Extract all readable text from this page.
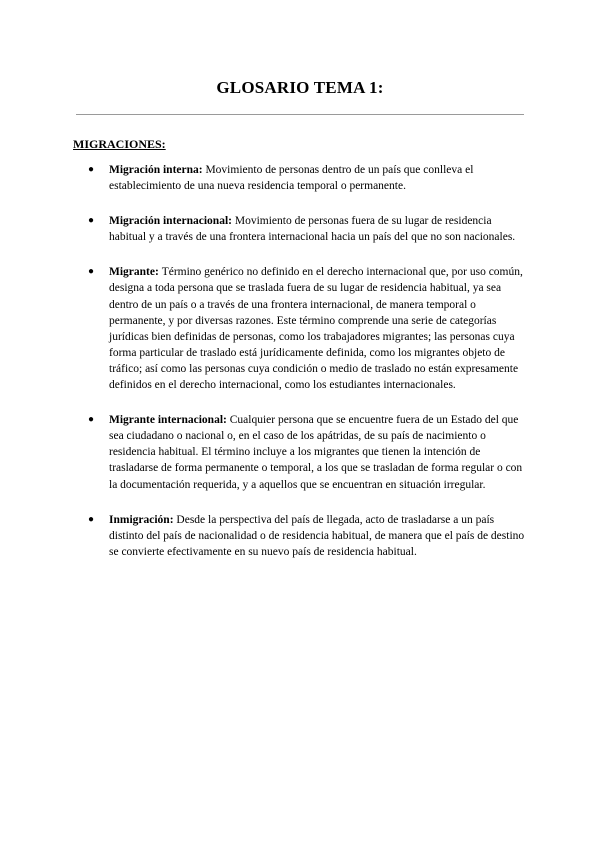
GLOSARIO TEMA 1:
MIGRACIONES:
● Migración interna: Movimiento de personas dentro de un país que conlleva el establecimiento de una nueva residencia temporal o permanente.
● Migración internacional: Movimiento de personas fuera de su lugar de residencia habitual y a través de una frontera internacional hacia un país del que no son nacionales.
● Migrante: Término genérico no definido en el derecho internacional que, por uso común, designa a toda persona que se traslada fuera de su lugar de residencia habitual, ya sea dentro de un país o a través de una frontera internacional, de manera temporal o permanente, y por diversas razones. Este término comprende una serie de categorías jurídicas bien definidas de personas, como los trabajadores migrantes; las personas cuya forma particular de traslado está jurídicamente definida, como los migrantes objeto de tráfico; así como las personas cuya condición o medio de traslado no están expresamente definidos en el derecho internacional, como los estudiantes internacionales.
● Migrante internacional: Cualquier persona que se encuentre fuera de un Estado del que sea ciudadano o nacional o, en el caso de los apátridas, de su país de nacimiento o residencia habitual. El término incluye a los migrantes que tienen la intención de trasladarse de forma permanente o temporal, a los que se trasladan de forma regular o con la documentación requerida, y a aquellos que se encuentran en situación irregular.
● Inmigración: Desde la perspectiva del país de llegada, acto de trasladarse a un país distinto del país de nacionalidad o de residencia habitual, de manera que el país de destino se convierte efectivamente en su nuevo país de residencia habitual.
